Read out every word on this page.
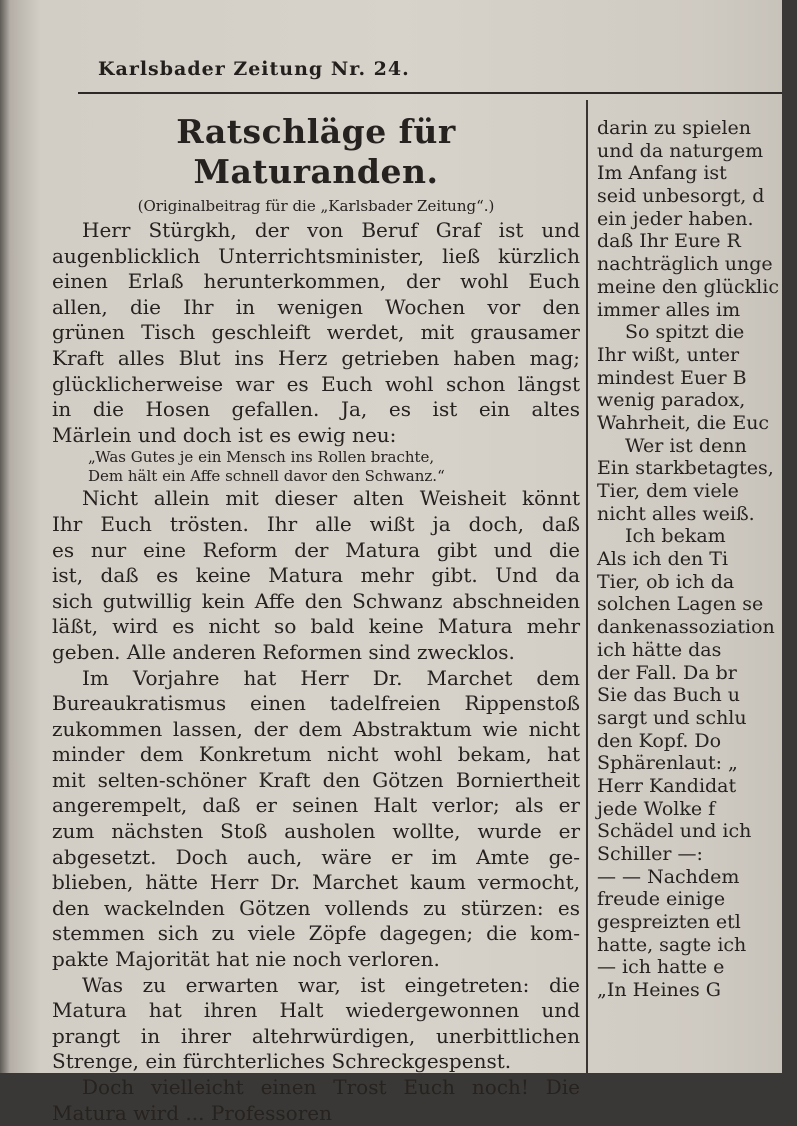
Karlsbader Zeitung Nr. 24.
Ratschläge für Maturanden.
(Originalbeitrag für die „Karlsbader Zeitung“.)
Herr Stürgkh, der von Beruf Graf ist und
augenblicklich Unterrichtsminister, ließ kürzlich
einen Erlaß herunterkommen, der wohl Euch
allen, die Ihr in wenigen Wochen vor den
grünen Tisch geschleift werdet, mit grausamer
Kraft alles Blut ins Herz getrieben haben mag;
glücklicherweise war es Euch wohl schon längst
in die Hosen gefallen. Ja, es ist ein altes
Märlein und doch ist es ewig neu:
„Was Gutes je ein Mensch ins Rollen brachte,
Dem hält ein Affe schnell davor den Schwanz.“
Nicht allein mit dieser alten Weisheit könnt
Ihr Euch trösten. Ihr alle wißt ja doch, daß
es nur eine Reform der Matura gibt und die
ist, daß es keine Matura mehr gibt. Und da
sich gutwillig kein Affe den Schwanz abschneiden
läßt, wird es nicht so bald keine Matura mehr
geben. Alle anderen Reformen sind zwecklos.
Im Vorjahre hat Herr Dr. Marchet dem
Bureaukratismus einen tadelfreien Rippenstoß
zukommen lassen, der dem Abstraktum wie nicht
minder dem Konkretum nicht wohl bekam, hat
mit selten-schöner Kraft den Götzen Borniertheit
angerempelt, daß er seinen Halt verlor; als er
zum nächsten Stoß ausholen wollte, wurde er
abgesetzt. Doch auch, wäre er im Amte ge-
blieben, hätte Herr Dr. Marchet kaum vermocht,
den wackelnden Götzen vollends zu stürzen: es
stemmen sich zu viele Zöpfe dagegen; die kom-
pakte Majorität hat nie noch verloren.
Was zu erwarten war, ist eingetreten: die
Matura hat ihren Halt wiedergewonnen und
prangt in ihrer altehrwürdigen, unerbittlichen
Strenge, ein fürchterliches Schreckgespenst.
Doch vielleicht einen Trost Euch noch! Die
Matura wird ... Professoren
darin zu spielen
und da naturgem
Im Anfang ist
seid unbesorgt, d
ein jeder haben.
daß Ihr Eure R
nachträglich unge
meine den glücklic
immer alles im
So spitzt die
Ihr wißt, unter
mindest Euer B
wenig paradox,
Wahrheit, die Euc
Wer ist denn
Ein starkbetagtes,
Tier, dem viele
nicht alles weiß.
Ich bekam
Als ich den Ti
Tier, ob ich da
solchen Lagen se
dankenassoziation
ich hätte das
der Fall. Da br
Sie das Buch u
sargt und schlu
den Kopf. Do
Sphärenlaut: „
Herr Kandidat
jede Wolke f
Schädel und ich
Schiller —:
— — Nachdem
freude einige
gespreizten etl
hatte, sagte ich
— ich hatte e
„In Heines G
